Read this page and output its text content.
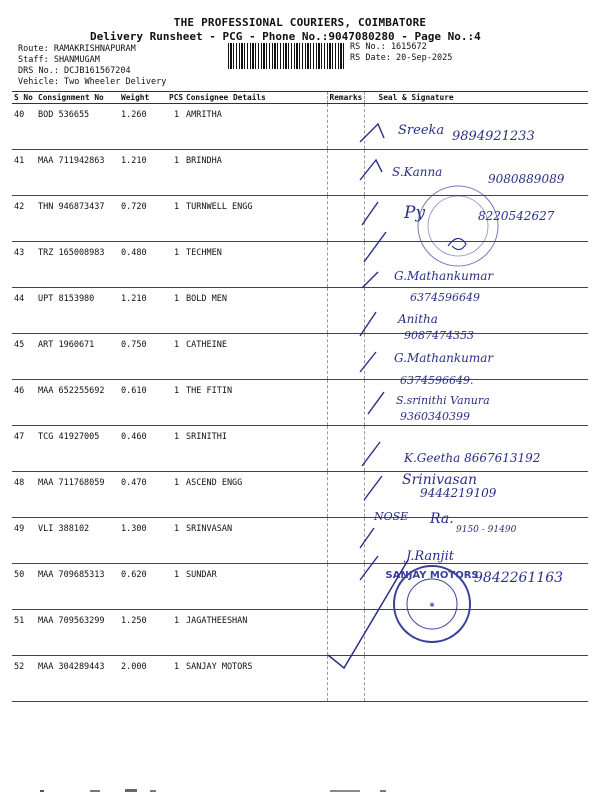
THE PROFESSIONAL COURIERS, COIMBATORE
Delivery Runsheet - PCG - Phone No.:9047080280 - Page No.:4
Route: RAMAKRISHNAPURAM
Staff: SHANMUGAM
DRS No.: DCJB161567204
Vehicle: Two Wheeler Delivery
RS No.: 1615672
RS Date: 20-Sep-2025
S No	Consignment No	Weight	PCS	Consignee Details	Remarks	Seal & Signature
40	BOD 536655	1.260	1	AMRITHA		
41	MAA 711942863	1.210	1	BRINDHA		
42	THN 946873437	0.720	1	TURNWELL ENGG		
43	TRZ 165008983	0.480	1	TECHMEN		
44	UPT 8153980	1.210	1	BOLD MEN		
45	ART 1960671	0.750	1	CATHEINE		
46	MAA 652255692	0.610	1	THE FITIN		
47	TCG 41927005	0.460	1	SRINITHI		
48	MAA 711768059	0.470	1	ASCEND ENGG		
49	VLI 388102	1.300	1	SRINVASAN		
50	MAA 709685313	0.620	1	SUNDAR		
51	MAA 709563299	1.250	1	JAGATHEESHAN		
52	MAA 304289443	2.000	1	SANJAY MOTORS		
Sreeka 9894921233
S.Kanna	9080889089
Py	8220542627
G.Mathankumar
6374596649
Anitha
9087474353
G.Mathankumar
6374596649.
S.srinithi Vanura
9360340399
K.Geetha 8667613192
Srinivasan
9444219109
NOSE Ra.
9150 - 91490
J.Ranjit
9842261163
SANJAY MOTORS
✶
